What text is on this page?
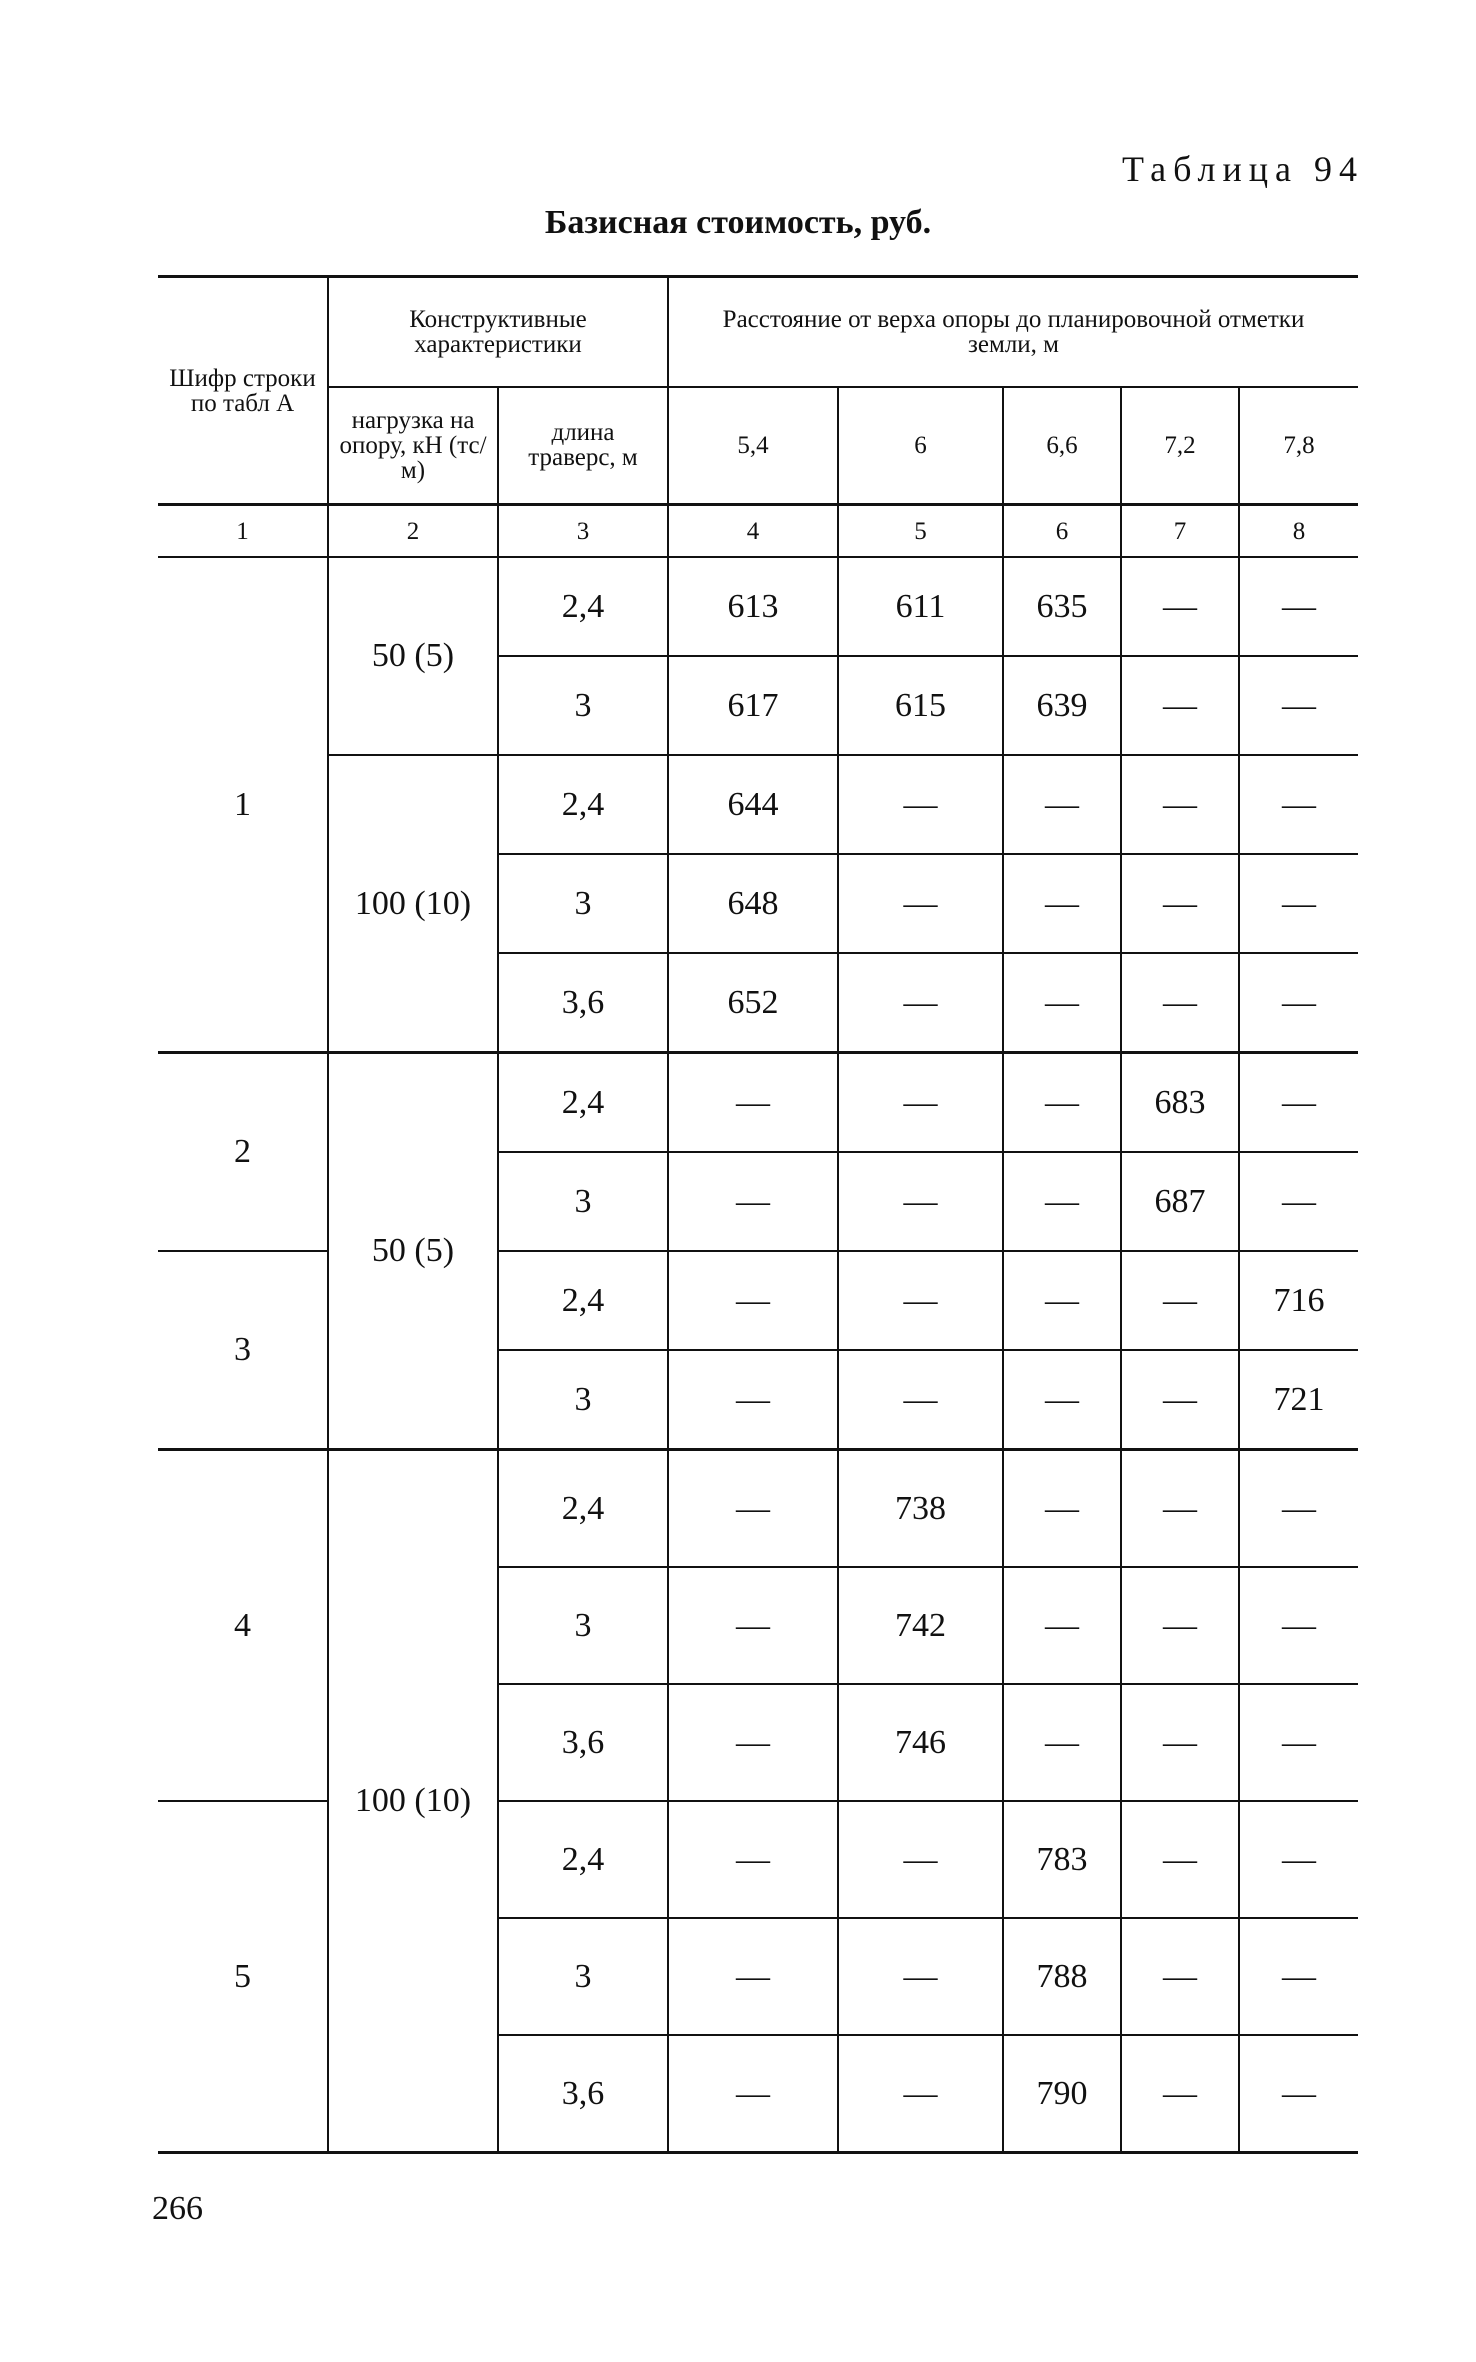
Таблица 94
Базисная стоимость, руб.
Шифр строки по табл А	Конструктивные характеристики		Расстояние от верха опоры до планировочной отметки земли, м				
	нагрузка на опору, кН (тс/м)	длина траверс, м	5,4	6	6,6	7,2	7,8
1	2	3	4	5	6	7	8
1	50 (5)	2,4	613	611	635	—	—
		3	617	615	639	—	—
	100 (10)	2,4	644	—	—	—	—
		3	648	—	—	—	—
		3,6	652	—	—	—	—
2	50 (5)	2,4	—	—	—	683	—
		3	—	—	—	687	—
3		2,4	—	—	—	—	716
		3	—	—	—	—	721
4	100 (10)	2,4	—	738	—	—	—
		3	—	742	—	—	—
		3,6	—	746	—	—	—
5		2,4	—	—	783	—	—
		3	—	—	788	—	—
		3,6	—	—	790	—	—
266
